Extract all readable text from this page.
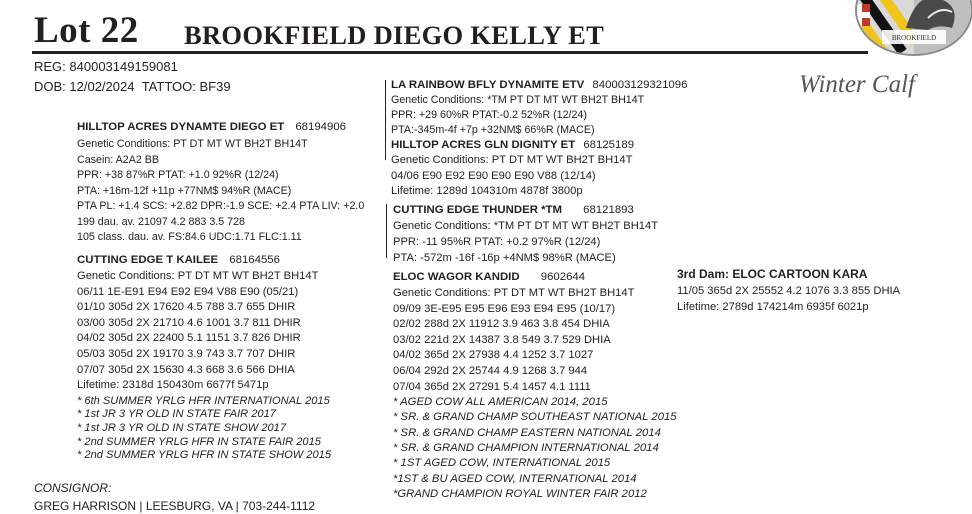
Lot 22 BROOKFIELD DIEGO KELLY ET	BROOKFIELD
Winter Calf
REG: 840003149159081
DOB: 12/02/2024 TATTOO: BF39
HILLTOP ACRES DYNAMTE DIEGO ET 68194906
Genetic Conditions: PT DT MT WT BH2T BH14T
Casein: A2A2 BB
PPR: +38 87%R PTAT: +1.0 92%R (12/24)
PTA: +16m-12f +11p +77NM$ 94%R (MACE)
PTA PL: +1.4 SCS: +2.82 DPR:-1.9 SCE: +2.4 PTA LIV: +2.0
199 dau. av. 21097 4.2 883 3.5 728
105 class. dau. av. FS:84.6 UDC:1.71 FLC:1.11
CUTTING EDGE T KAILEE 68164556
Genetic Conditions: PT DT MT WT BH2T BH14T
06/11 1E-E91 E94 E92 E94 V88 E90 (05/21)
01/10 305d 2X 17620 4.5 788 3.7 655 DHIR
03/00 305d 2X 21710 4.6 1001 3.7 811 DHIR
04/02 305d 2X 22400 5.1 1151 3.7 826 DHIR
05/03 305d 2X 19170 3.9 743 3.7 707 DHIR
07/07 305d 2X 15630 4.3 668 3.6 566 DHIA
Lifetime: 2318d 150430m 6677f 5471p
* 6th SUMMER YRLG HFR INTERNATIONAL 2015
* 1st JR 3 YR OLD IN STATE FAIR 2017
* 1st JR 3 YR OLD IN STATE SHOW 2017
* 2nd SUMMER YRLG HFR IN STATE FAIR 2015
* 2nd SUMMER YRLG HFR IN STATE SHOW 2015
LA RAINBOW BFLY DYNAMITE ETV 840003129321096
Genetic Conditions: *TM PT DT MT WT BH2T BH14T
PPR: +29 60%R PTAT:-0.2 52%R (12/24)
PTA:-345m-4f +7p +32NM$ 66%R (MACE)
HILLTOP ACRES GLN DIGNITY ET 68125189
Genetic Conditions: PT DT MT WT BH2T BH14T
04/06 E90 E92 E90 E90 E90 V88 (12/14)
Lifetime: 1289d 104310m 4878f 3800p
CUTTING EDGE THUNDER *TM 68121893
Genetic Conditions: *TM PT DT MT WT BH2T BH14T
PPR: -11 95%R PTAT: +0.2 97%R (12/24)
PTA: -572m -16f -16p +4NM$ 98%R (MACE)
ELOC WAGOR KANDID 9602644
Genetic Conditions: PT DT MT WT BH2T BH14T
09/09 3E-E95 E95 E96 E93 E94 E95 (10/17)
02/02 288d 2X 11912 3.9 463 3.8 454 DHIA
03/02 221d 2X 14387 3.8 549 3.7 529 DHIA
04/02 365d 2X 27938 4.4 1252 3.7 1027
06/04 292d 2X 25744 4.9 1268 3.7 944
07/04 365d 2X 27291 5.4 1457 4.1 1111
* AGED COW ALL AMERICAN 2014, 2015
* SR. & GRAND CHAMP SOUTHEAST NATIONAL 2015
* SR. & GRAND CHAMP EASTERN NATIONAL 2014
* SR. & GRAND CHAMPION INTERNATIONAL 2014
* 1ST AGED COW, INTERNATIONAL 2015
*1ST & BU AGED COW, INTERNATIONAL 2014
*GRAND CHAMPION ROYAL WINTER FAIR 2012
3rd Dam: ELOC CARTOON KARA
11/05 365d 2X 25552 4.2 1076 3.3 855 DHIA
Lifetime: 2789d 174214m 6935f 6021p
CONSIGNOR:
GREG HARRISON | LEESBURG, VA | 703-244-1112
